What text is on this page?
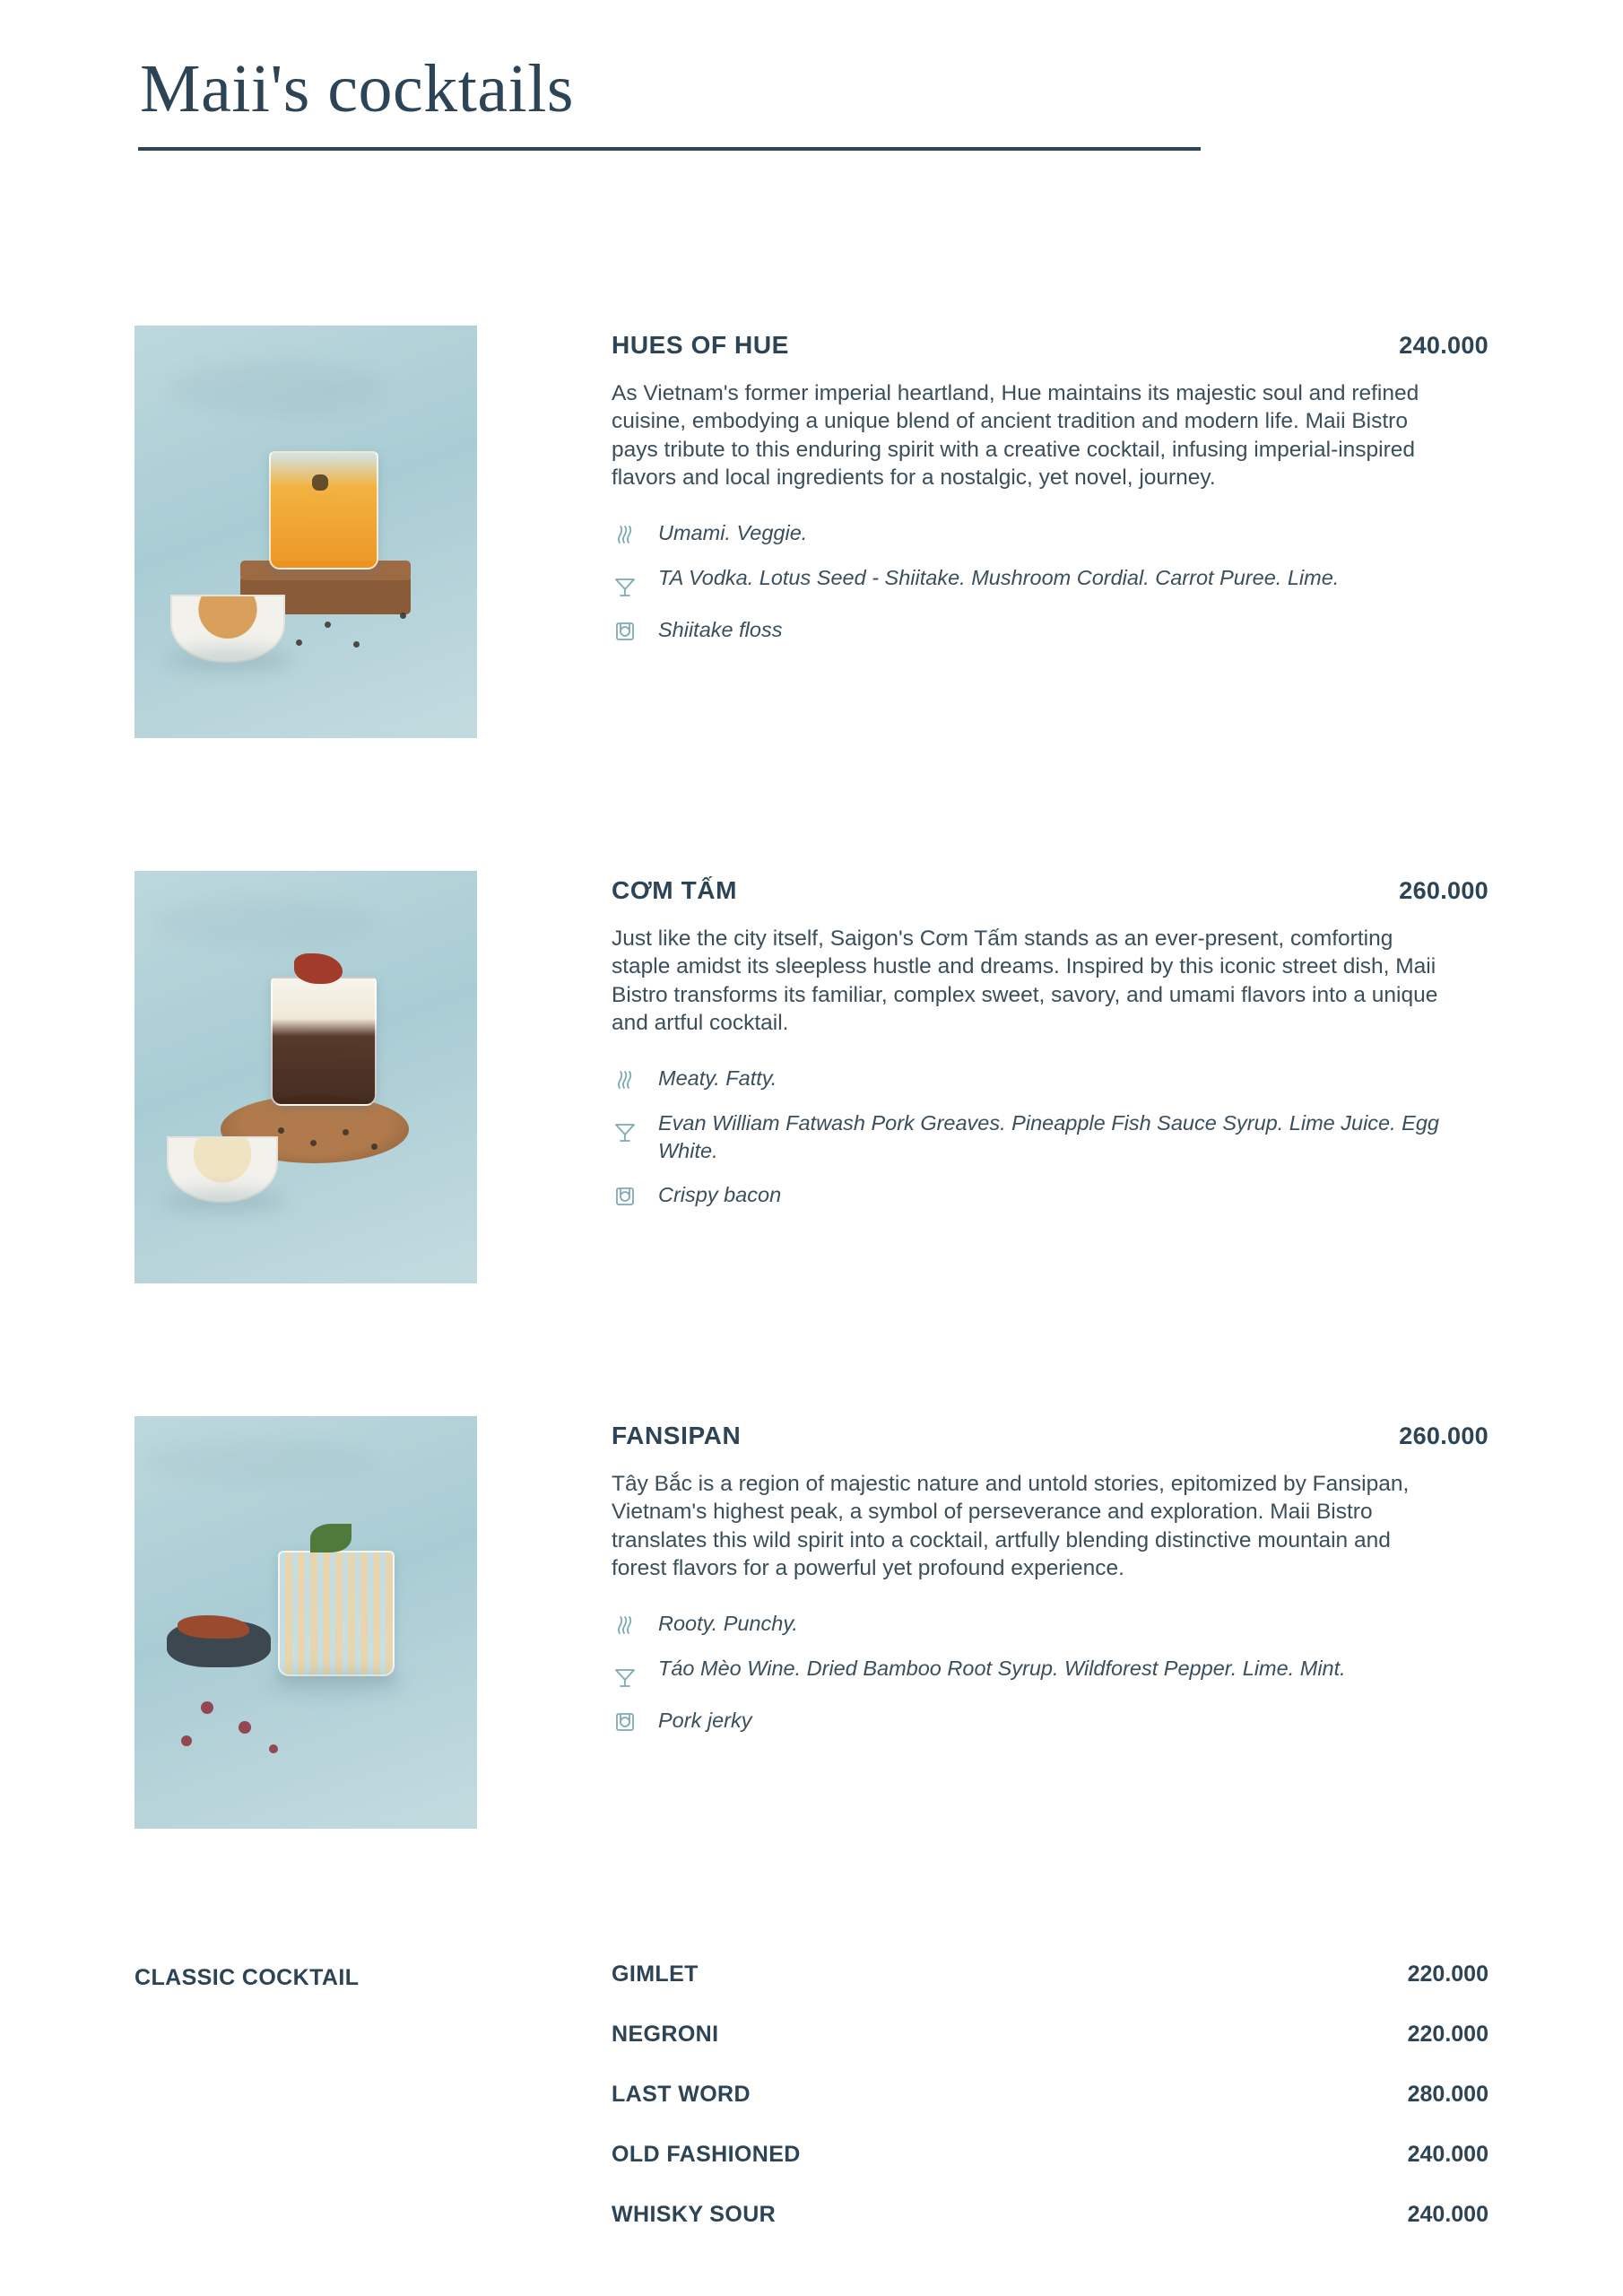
Maii's cocktails
HUES OF HUE	240.000
As Vietnam's former imperial heartland, Hue maintains its majestic soul and refined cuisine, embodying a unique blend of ancient tradition and modern life. Maii Bistro pays tribute to this enduring spirit with a creative cocktail, infusing imperial-inspired flavors and local ingredients for a nostalgic, yet novel, journey.
Umami. Veggie.
TA Vodka. Lotus Seed - Shiitake. Mushroom Cordial. Carrot Puree. Lime.
Shiitake floss
CƠM TẤM	260.000
Just like the city itself, Saigon's Cơm Tấm stands as an ever-present, comforting staple amidst its sleepless hustle and dreams. Inspired by this iconic street dish, Maii Bistro transforms its familiar, complex sweet, savory, and umami flavors into a unique and artful cocktail.
Meaty. Fatty.
Evan William Fatwash Pork Greaves. Pineapple Fish Sauce Syrup. Lime Juice. Egg White.
Crispy bacon
FANSIPAN	260.000
Tây Bắc is a region of majestic nature and untold stories, epitomized by Fansipan, Vietnam's highest peak, a symbol of perseverance and exploration. Maii Bistro translates this wild spirit into a cocktail, artfully blending distinctive mountain and forest flavors for a powerful yet profound experience.
Rooty. Punchy.
Táo Mèo Wine. Dried Bamboo Root Syrup. Wildforest Pepper. Lime. Mint.
Pork jerky
CLASSIC COCKTAIL	GIMLET	220.000
NEGRONI	220.000
LAST WORD	280.000
OLD FASHIONED	240.000
WHISKY SOUR	240.000
